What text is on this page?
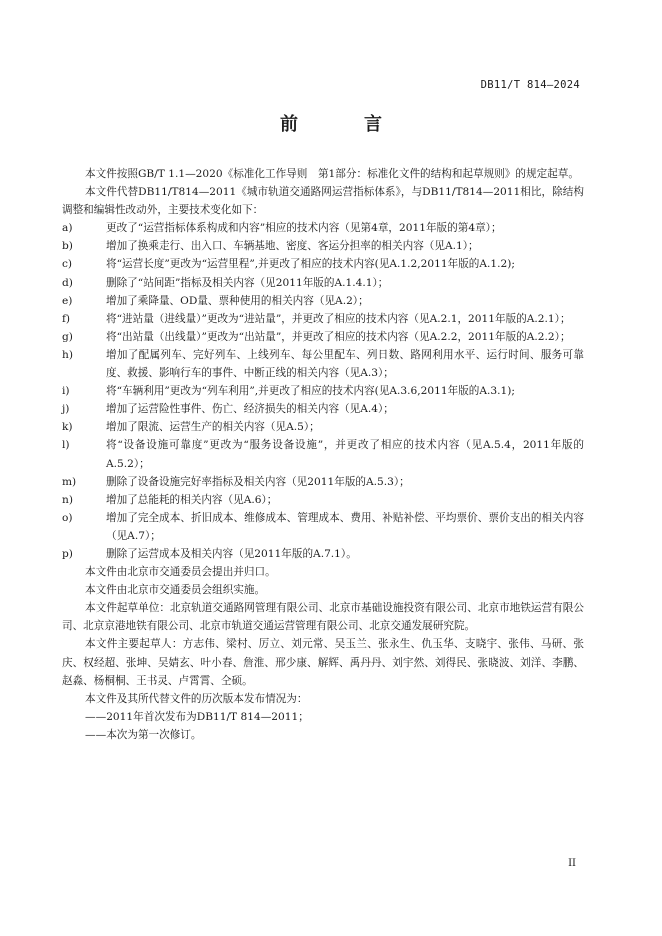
DB11/T 814—2024
前　言

本文件按照GB/T 1.1—2020《标准化工作导则　第1部分：标准化文件的结构和起草规则》的规定起草。

本文件代替DB11/T814—2011《城市轨道交通路网运营指标体系》，与DB11/T814—2011相比，除结构调整和编辑性改动外，主要技术变化如下：

a)	更改了“运营指标体系构成和内容”相应的技术内容（见第4章，2011年版的第4章）；
b)	增加了换乘走行、出入口、车辆基地、密度、客运分担率的相关内容（见A.1）；
c)	将“运营长度”更改为“运营里程”,并更改了相应的技术内容(见A.1.2,2011年版的A.1.2);
d)	删除了“站间距”指标及相关内容（见2011年版的A.1.4.1）；
e)	增加了乘降量、OD量、票种使用的相关内容（见A.2）；
f)	将“进站量（进线量）”更改为“进站量”，并更改了相应的技术内容（见A.2.1，2011年版的A.2.1）；
g)	将“出站量（出线量）”更改为“出站量”，并更改了相应的技术内容（见A.2.2，2011年版的A.2.2）；
h)	增加了配属列车、完好列车、上线列车、每公里配车、列日数、路网利用水平、运行时间、服务可靠度、救援、影响行车的事件、中断正线的相关内容（见A.3）；
i)	将“车辆利用”更改为“列车利用”,并更改了相应的技术内容(见A.3.6,2011年版的A.3.1);
j)	增加了运营险性事件、伤亡、经济损失的相关内容（见A.4）；
k)	增加了限流、运营生产的相关内容（见A.5）；
l)	将“设备设施可靠度”更改为“服务设备设施”，并更改了相应的技术内容（见A.5.4，2011年版的A.5.2）；
m)	删除了设备设施完好率指标及相关内容（见2011年版的A.5.3）；
n)	增加了总能耗的相关内容（见A.6）；
o)	增加了完全成本、折旧成本、维修成本、管理成本、费用、补贴补偿、平均票价、票价支出的相关内容（见A.7）；
p)	删除了运营成本及相关内容（见2011年版的A.7.1）。

本文件由北京市交通委员会提出并归口。

本文件由北京市交通委员会组织实施。

本文件起草单位：北京轨道交通路网管理有限公司、北京市基础设施投资有限公司、北京市地铁运营有限公司、北京京港地铁有限公司、北京市轨道交通运营管理有限公司、北京交通发展研究院。

本文件主要起草人：方志伟、梁村、厉立、刘元常、吴玉兰、张永生、仇玉华、支晓宇、张伟、马研、张庆、权经超、张坤、吴婧玄、叶小春、詹淮、邢少康、解辉、禹丹丹、刘宇然、刘得民、张晓波、刘洋、李鹏、赵淼、杨桐桐、王书灵、卢霄霄、仝硕。

本文件及其所代替文件的历次版本发布情况为：

——2011年首次发布为DB11/T 814—2011；

——本次为第一次修订。

II
